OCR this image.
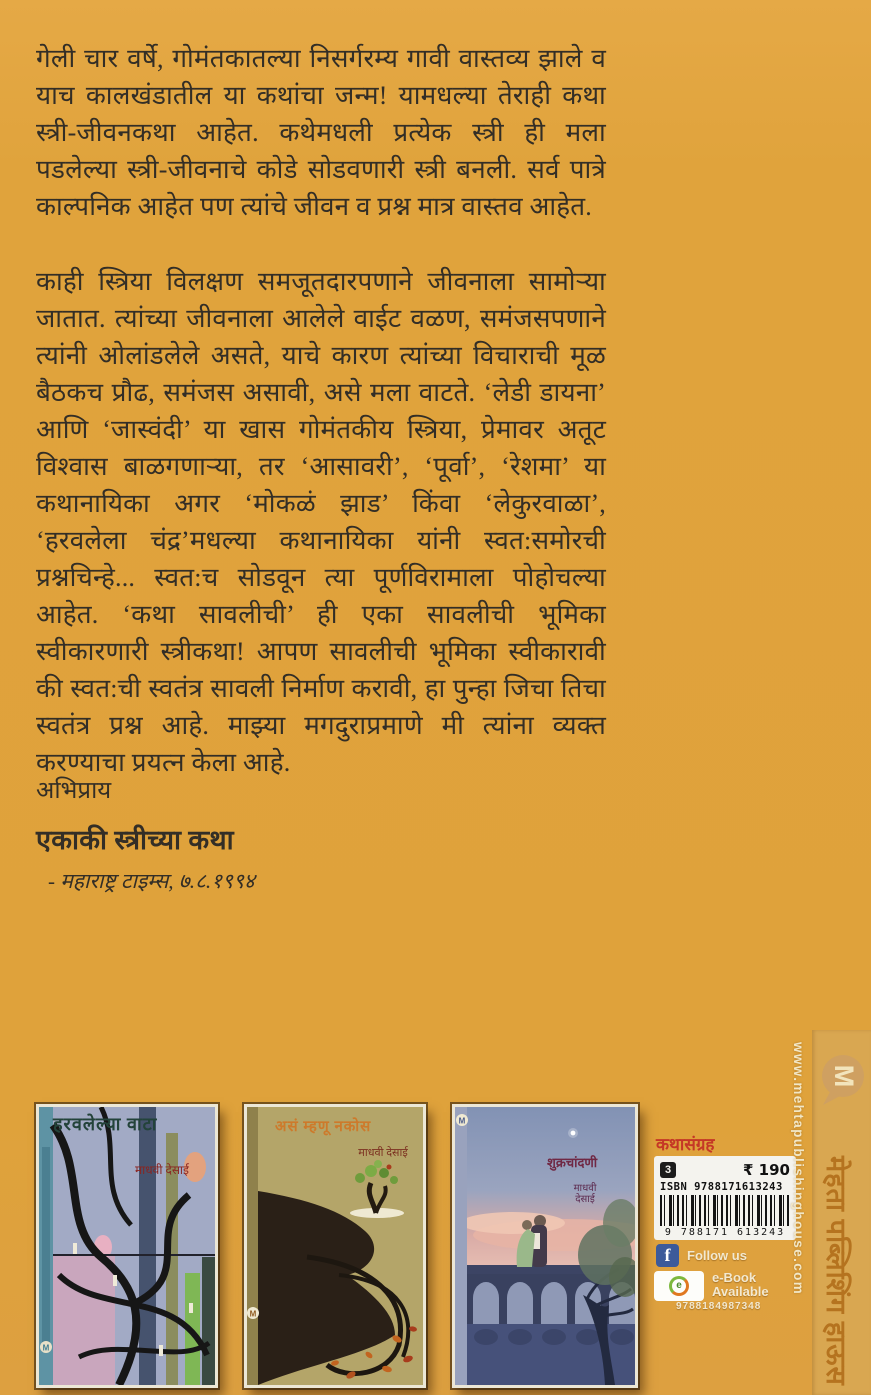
गेली चार वर्षे, गोमंतकातल्या निसर्गरम्य गावी वास्तव्य झाले व याच कालखंडातील या कथांचा जन्म! यामधल्या तेराही कथा स्त्री-जीवनकथा आहेत. कथेमधली प्रत्येक स्त्री ही मला पडलेल्या स्त्री-जीवनाचे कोडे सोडवणारी स्त्री बनली. सर्व पात्रे काल्पनिक आहेत पण त्यांचे जीवन व प्रश्न मात्र वास्तव आहेत.

काही स्त्रिया विलक्षण समजूतदारपणाने जीवनाला सामोऱ्या जातात. त्यांच्या जीवनाला आलेले वाईट वळण, समंजसपणाने त्यांनी ओलांडलेले असते, याचे कारण त्यांच्या विचाराची मूळ बैठकच प्रौढ, समंजस असावी, असे मला वाटते. ‘लेडी डायना’ आणि ‘जास्वंदी’ या खास गोमंतकीय स्त्रिया, प्रेमावर अतूट विश्वास बाळगणाऱ्या, तर ‘आसावरी’, ‘पूर्वा’, ‘रेशमा’ या कथानायिका अगर ‘मोकळं झाड’ किंवा ‘लेकुरवाळा’, ‘हरवलेला चंद्र’मधल्या कथानायिका यांनी स्वत:समोरची प्रश्नचिन्हे... स्वत:च सोडवून त्या पूर्णविरामाला पोहोचल्या आहेत. ‘कथा सावलीची’ ही एका सावलीची भूमिका स्वीकारणारी स्त्रीकथा! आपण सावलीची भूमिका स्वीकारावी की स्वत:ची स्वतंत्र सावली निर्माण करावी, हा पुन्हा जिचा तिचा स्वतंत्र प्रश्न आहे. माझ्या मगदुराप्रमाणे मी त्यांना व्यक्त करण्याचा प्रयत्न केला आहे.

अभिप्राय
एकाकी स्त्रीच्या कथा
- महाराष्ट्र टाइम्स, ७.८.१९९४
M
हरवलेल्या वाटा
माधवी देसाई
M
असं म्हणू नकोस
माधवी देसाई
M
शुक्रचांदणी
माधवी देसाई
कथासंग्रह
3	₹ 190
ISBN 9788171613243
9 788171 613243
f	Follow us
e
e-Book
Available
9788184987348
www.mehtapublishinghouse.com M
मेहता पब्लिशिंग हाऊस
